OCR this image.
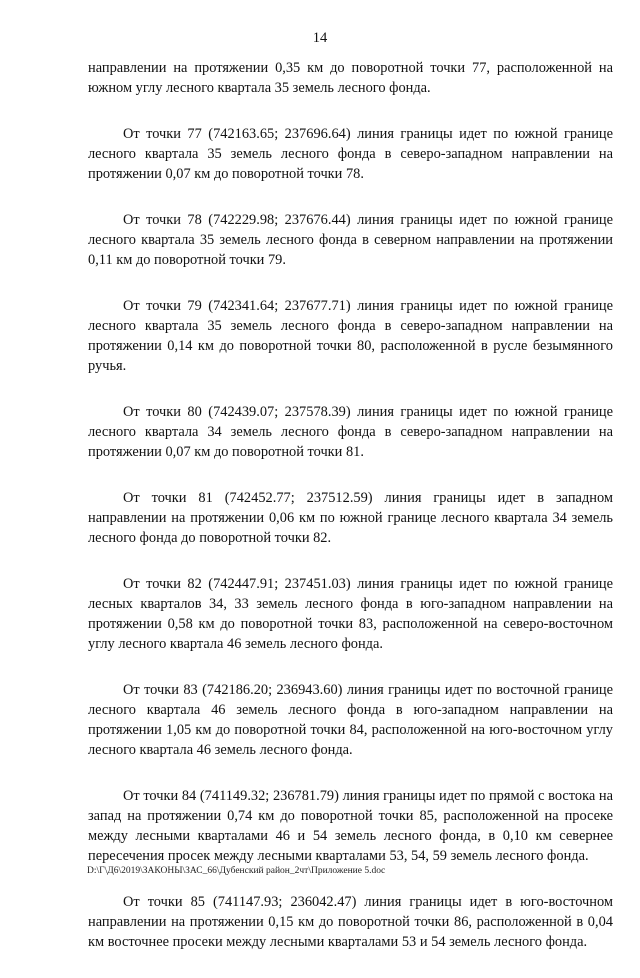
14

направлении на протяжении 0,35 км до поворотной точки 77, расположенной на южном углу лесного квартала 35 земель лесного фонда.

От точки 77 (742163.65; 237696.64) линия границы идет по южной границе лесного квартала 35 земель лесного фонда в северо-западном направлении на протяжении 0,07 км до поворотной точки 78.

От точки 78 (742229.98; 237676.44) линия границы идет по южной границе лесного квартала 35 земель лесного фонда в северном направлении на протяжении 0,11 км до поворотной точки 79.

От точки 79 (742341.64; 237677.71) линия границы идет по южной границе лесного квартала 35 земель лесного фонда в северо-западном направлении на протяжении 0,14 км до поворотной точки 80, расположенной в русле безымянного ручья.

От точки 80 (742439.07; 237578.39) линия границы идет по южной границе лесного квартала 34 земель лесного фонда в северо-западном направлении на протяжении 0,07 км до поворотной точки 81.

От точки 81 (742452.77; 237512.59) линия границы идет в западном направлении на протяжении 0,06 км по южной границе лесного квартала 34 земель лесного фонда до поворотной точки 82.

От точки 82 (742447.91; 237451.03) линия границы идет по южной границе лесных кварталов 34, 33 земель лесного фонда в юго-западном направлении на протяжении 0,58 км до поворотной точки 83, расположенной на северо-восточном углу лесного квартала 46 земель лесного фонда.

От точки 83 (742186.20; 236943.60) линия границы идет по восточной границе лесного квартала 46 земель лесного фонда в юго-западном направлении на протяжении 1,05 км до поворотной точки 84, расположенной на юго-восточном углу лесного квартала 46 земель лесного фонда.

От точки 84 (741149.32; 236781.79) линия границы идет по прямой с востока на запад на протяжении 0,74 км до поворотной точки 85, расположенной на просеке между лесными кварталами 46 и 54 земель лесного фонда, в 0,10 км севернее пересечения просек между лесными кварталами 53, 54, 59 земель лесного фонда.

От точки 85 (741147.93; 236042.47) линия границы идет в юго-восточном направлении на протяжении 0,15 км до поворотной точки 86, расположенной в 0,04 км восточнее просеки между лесными кварталами 53 и 54 земель лесного фонда.

D:\Г\Д6\2019\ЗАКОНЫ\ЗАС_66\Дубенский район_2чт\Приложение 5.doc
